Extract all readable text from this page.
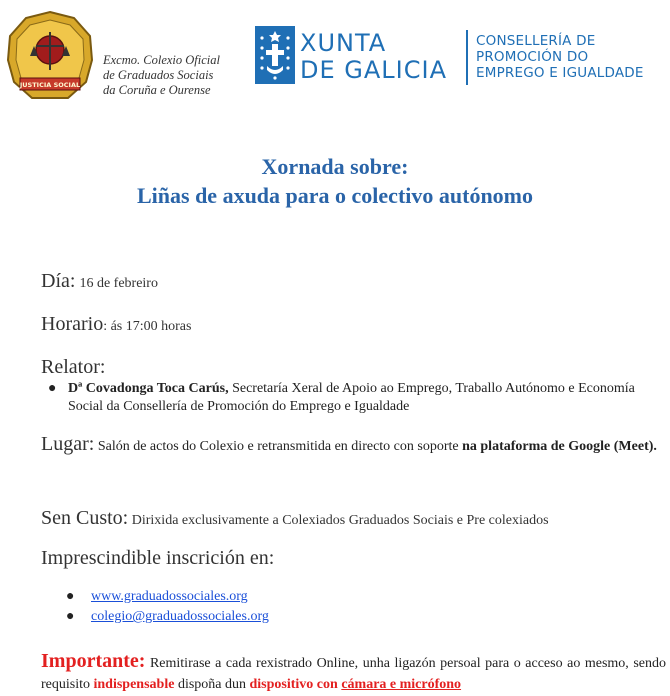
JUSTICIA SOCIAL
Excmo. Colexio Oficial
de Graduados Sociais
da Coruña e Ourense
XUNTA
DE GALICIA
CONSELLERÍA DE
PROMOCIÓN DO
EMPREGO E IGUALDADE
Xornada sobre:
Liñas de axuda para o colectivo autónomo
Día: 16 de febreiro
Horario: ás 17:00 horas
Relator:
● Dª Covadonga Toca Carús, Secretaría Xeral de Apoio ao Emprego, Traballo Autónomo e Economía Social da Consellería de Promoción do Emprego e Igualdade
Lugar: Salón de actos do Colexio e retransmitida en directo con soporte na plataforma de Google (Meet).
Sen Custo: Dirixida exclusivamente a Colexiados Graduados Sociais e Pre colexiados
Imprescindible inscrición en:
● www.graduadossociales.org
● colegio@graduadossociales.org
Importante: Remitirase a cada rexistrado Online, unha ligazón persoal para o acceso ao mesmo, sendo requisito indispensable dispoña dun dispositivo con cámara e micrófono
